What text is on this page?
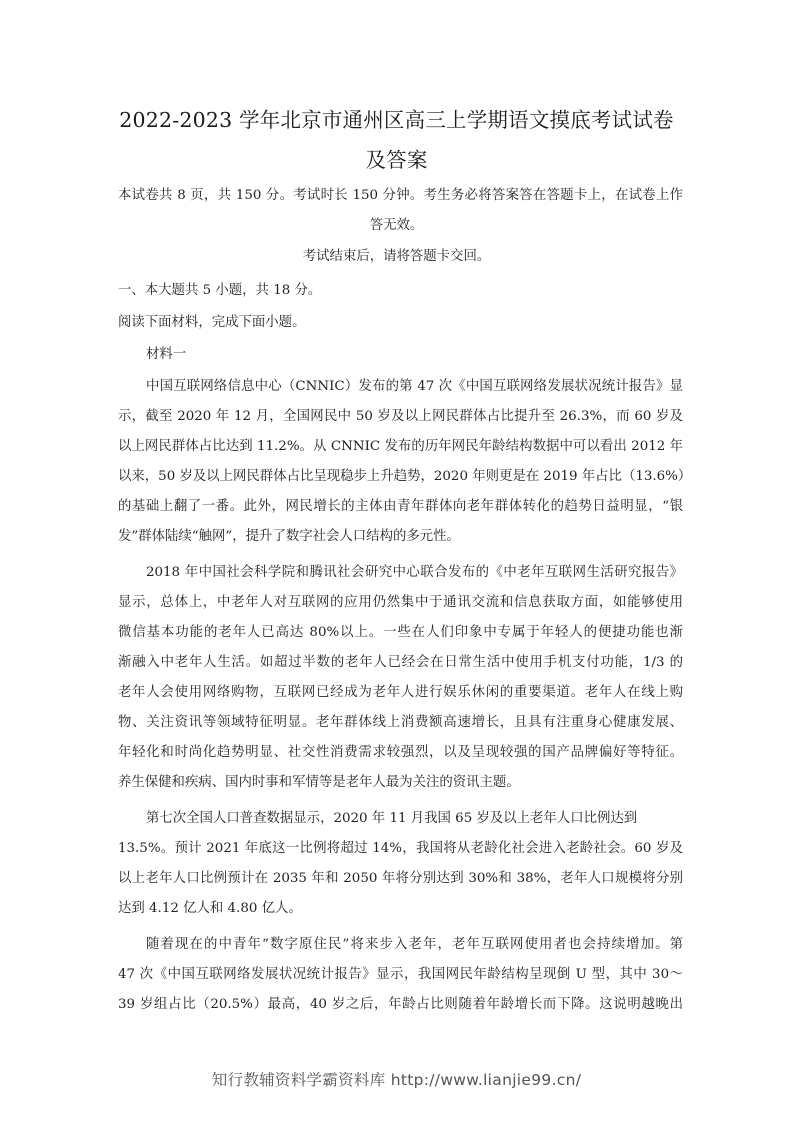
2022-2023 学年北京市通州区高三上学期语文摸底考试试卷
及答案
本试卷共 8 页，共 150 分。考试时长 150 分钟。考生务必将答案答在答题卡上，在试卷上作
答无效。
考试结束后，请将答题卡交回。
一、本大题共 5 小题，共 18 分。
阅读下面材料，完成下面小题。
材料一
中国互联网络信息中心（CNNIC）发布的第 47 次《中国互联网络发展状况统计报告》显
示，截至 2020 年 12 月，全国网民中 50 岁及以上网民群体占比提升至 26.3%，而 60 岁及
以上网民群体占比达到 11.2%。从 CNNIC 发布的历年网民年龄结构数据中可以看出 2012 年
以来，50 岁及以上网民群体占比呈现稳步上升趋势，2020 年则更是在 2019 年占比（13.6%）
的基础上翻了一番。此外，网民增长的主体由青年群体向老年群体转化的趋势日益明显，“银
发”群体陆续“触网”，提升了数字社会人口结构的多元性。
2018 年中国社会科学院和腾讯社会研究中心联合发布的《中老年互联网生活研究报告》
显示，总体上，中老年人对互联网的应用仍然集中于通讯交流和信息获取方面，如能够使用
微信基本功能的老年人已高达 80%以上。一些在人们印象中专属于年轻人的便捷功能也渐
渐融入中老年人生活。如超过半数的老年人已经会在日常生活中使用手机支付功能，1/3 的
老年人会使用网络购物，互联网已经成为老年人进行娱乐休闲的重要渠道。老年人在线上购
物、关注资讯等领域特征明显。老年群体线上消费额高速增长，且具有注重身心健康发展、
年轻化和时尚化趋势明显、社交性消费需求较强烈，以及呈现较强的国产品牌偏好等特征。
养生保健和疾病、国内时事和军情等是老年人最为关注的资讯主题。
第七次全国人口普查数据显示，2020 年 11 月我国 65 岁及以上老年人口比例达到
13.5%。预计 2021 年底这一比例将超过 14%，我国将从老龄化社会进入老龄社会。60 岁及
以上老年人口比例预计在 2035 年和 2050 年将分别达到 30%和 38%，老年人口规模将分别
达到 4.12 亿人和 4.80 亿人。
随着现在的中青年“数字原住民”将来步入老年，老年互联网使用者也会持续增加。第
47 次《中国互联网络发展状况统计报告》显示，我国网民年龄结构呈现倒 U 型，其中 30～
39 岁组占比（20.5%）最高，40 岁之后，年龄占比则随着年龄增长而下降。这说明越晚出
知行教辅资料学霸资料库 http://www.lianjie99.cn/
